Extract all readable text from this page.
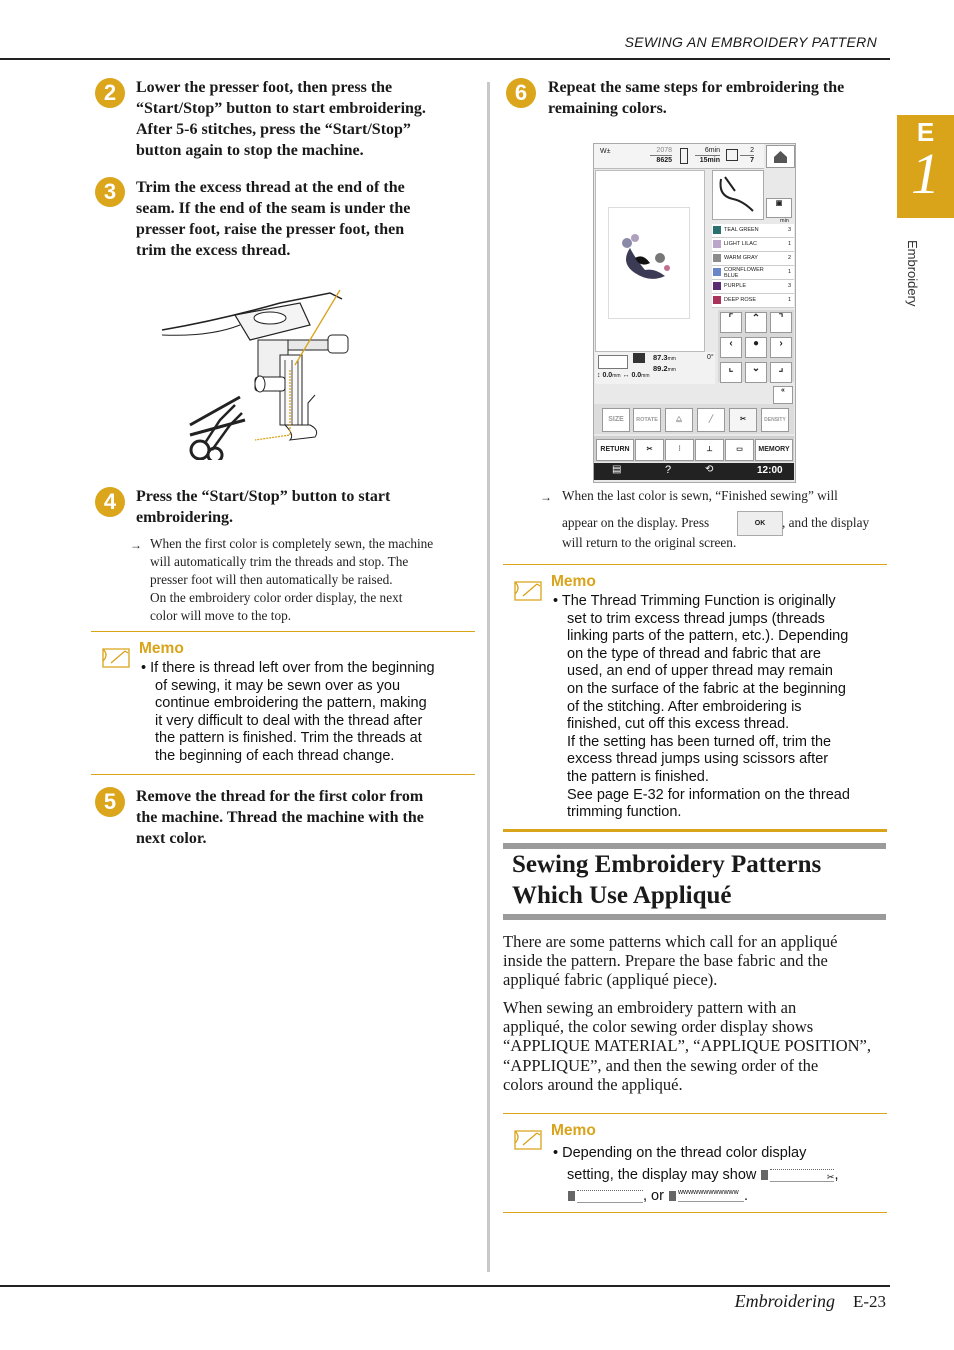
SEWING AN EMBROIDERY PATTERN
E
1
Embroidery
2	Lower the presser foot, then press the
“Start/Stop” button to start embroidering.
After 5-6 stitches, press the “Start/Stop”
button again to stop the machine.
3	Trim the excess thread at the end of the
seam. If the end of the seam is under the
presser foot, raise the presser foot, then
trim the excess thread.
4	Press the “Start/Stop” button to start
embroidering.
→ When the first color is completely sewn, the machine
will automatically trim the threads and stop. The
presser foot will then automatically be raised.
On the embroidery color order display, the next
color will move to the top.
Memo
• If there is thread left over from the beginning
of sewing, it may be sewn over as you
continue embroidering the pattern, making
it very difficult to deal with the thread after
the pattern is finished. Trim the threads at
the beginning of each thread change.
5	Remove the thread for the first color from
the machine. Thread the machine with the
next color.
6	Repeat the same steps for embroidering the
remaining colors.
W±	2078
8625
6min
15min
2
7
▣
min
TEAL GREEN	3
LIGHT LILAC	1
WARM GRAY	2
CORNFLOWER BLUE
1
PURPLE	3
DEEP ROSE	1
⌜	⌃	⌝
‹	●	›
⌞	⌄	⌟
87.3mm
89.2mm
0°
↕ 0.0mm ↔ 0.0mm
«
SIZE	ROTATE	⧋	╱	✂	DENSITY
RETURN	✂	⫶	⊥	▭	MEMORY
▤	?	⟲	12:00
→ When the last color is sewn, “Finished sewing” will
appear on the display. Press	OK	, and the display
will return to the original screen.
Memo
• The Thread Trimming Function is originally
set to trim excess thread jumps (threads
linking parts of the pattern, etc.). Depending
on the type of thread and fabric that are
used, an end of upper thread may remain
on the surface of the fabric at the beginning
of the stitching. After embroidering is
finished, cut off this excess thread.
If the setting has been turned off, trim the
excess thread jumps using scissors after
the pattern is finished.
See page E-32 for information on the thread
trimming function.
Sewing Embroidery Patterns
Which Use Appliqué
There are some patterns which call for an appliqué
inside the pattern. Prepare the base fabric and the
appliqué fabric (appliqué piece).
When sewing an embroidery pattern with an
appliqué, the color sewing order display shows
“APPLIQUE MATERIAL”, “APPLIQUE POSITION”,
“APPLIQUE”, and then the sewing order of the
colors around the appliqué.
Memo
• Depending on the thread color display
setting, the display may show	✂ ,
, or wwwwwwwwwwww .
Embroidering E-23
